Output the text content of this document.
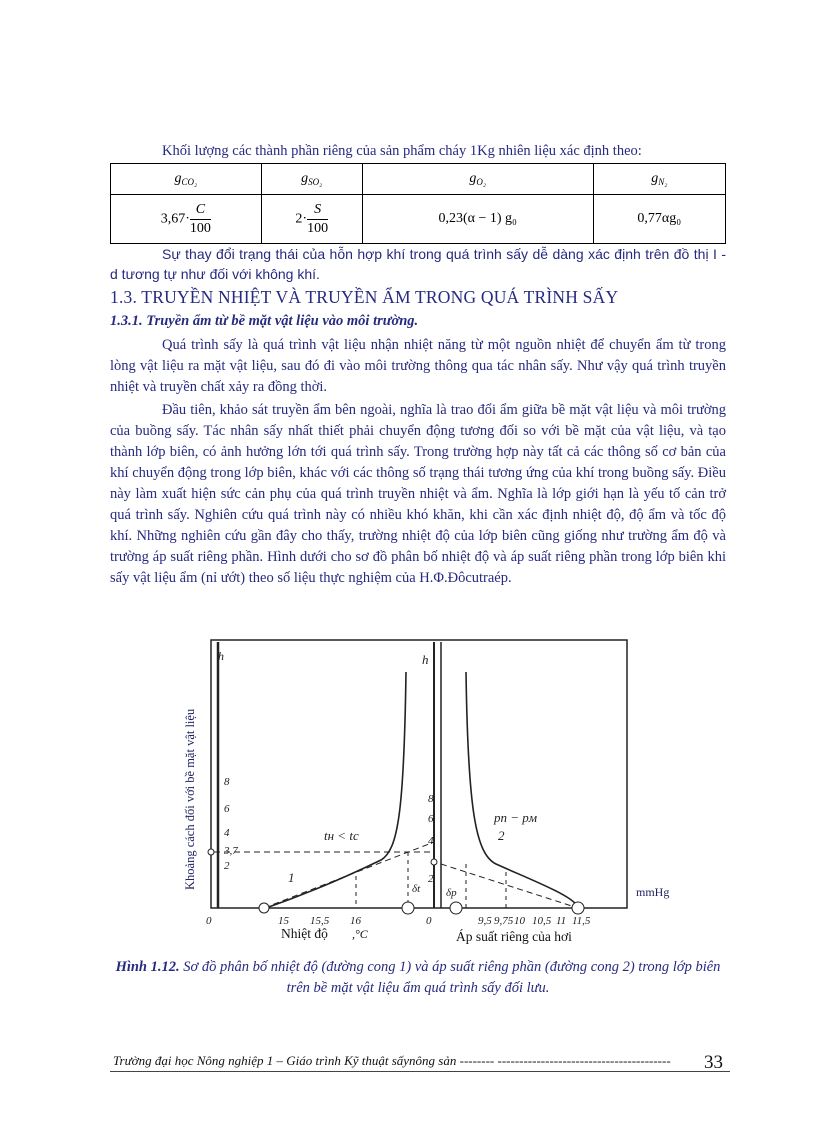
Khối lượng các thành phần riêng của sản phẩm cháy 1Kg nhiên liệu xác định theo:
$g_{CO_2}$	$g_{SO_2}$	$g_{O_2}$	$g_{N_2}$
$3,67\cdot \frac{C}{100}$	$2\cdot \frac{S}{100}$	0,23(α − 1) g₀	0,77αg₀

Sự thay đổi trạng thái của hỗn hợp khí trong quá trình sấy dễ dàng xác định trên đồ thị I - d tương tự như đối với không khí.

1.3. TRUYỀN NHIỆT VÀ TRUYỀN ẨM TRONG QUÁ TRÌNH SẤY
1.3.1. Truyền ẩm từ bề mặt vật liệu vào môi trường.

Quá trình sấy là quá trình vật liệu nhận nhiệt năng từ một nguồn nhiệt để chuyển ẩm từ trong lòng vật liệu ra mặt vật liệu, sau đó đi vào môi trường thông qua tác nhân sấy. Như vậy quá trình truyền nhiệt và truyền chất xảy ra đồng thời.

Đầu tiên, khảo sát truyền ẩm bên ngoài, nghĩa là trao đổi ẩm giữa bề mặt vật liệu và môi trường của buồng sấy. Tác nhân sấy nhất thiết phải chuyển động tương đối so với bề mặt của vật liệu, và tạo thành lớp biên, có ảnh hưởng lớn tới quá trình sấy. Trong trường hợp này tất cả các thông số cơ bản của khí chuyển động trong lớp biên, khác với các thông số trạng thái tương ứng của khí trong buồng sấy. Điều này làm xuất hiện sức cản phụ của quá trình truyền nhiệt và ẩm. Nghĩa là lớp giới hạn là yếu tố cản trở quá trình sấy. Nghiên cứu quá trình này có nhiều khó khăn, khi cần xác định nhiệt độ, độ ẩm và tốc độ khí. Những nghiên cứu gần đây cho thấy, trường nhiệt độ của lớp biên cũng giống như trường ẩm độ và trường áp suất riêng phần. Hình dưới cho sơ đồ phân bố nhiệt độ và áp suất riêng phần trong lớp biên khi sấy vật liệu ẩm (nỉ ướt) theo số liệu thực nghiệm của H.Φ.Đôcutraép.

h	h
Khoảng cách đối với bề mặt vật liệu 8
6
4
3,7
2
8
6
4
2
tн < tс
pп − pм
1
2
δt δp	mmHg
0	15 15,5 16	0	9,5 9,75 10 10,5 11 11,5
Nhiệt độ ,°C	Áp suất riêng của hơi
Hình 1.12. Sơ đồ phân bố nhiệt độ (đường cong 1) và áp suất riêng phần (đường cong 2) trong lớp biên trên bề mặt vật liệu ẩm quá trình sấy đối lưu.
Trường đại học Nông nghiệp 1 – Giáo trình Kỹ thuật sấynông sản -------- ---------------------------------------- 33
